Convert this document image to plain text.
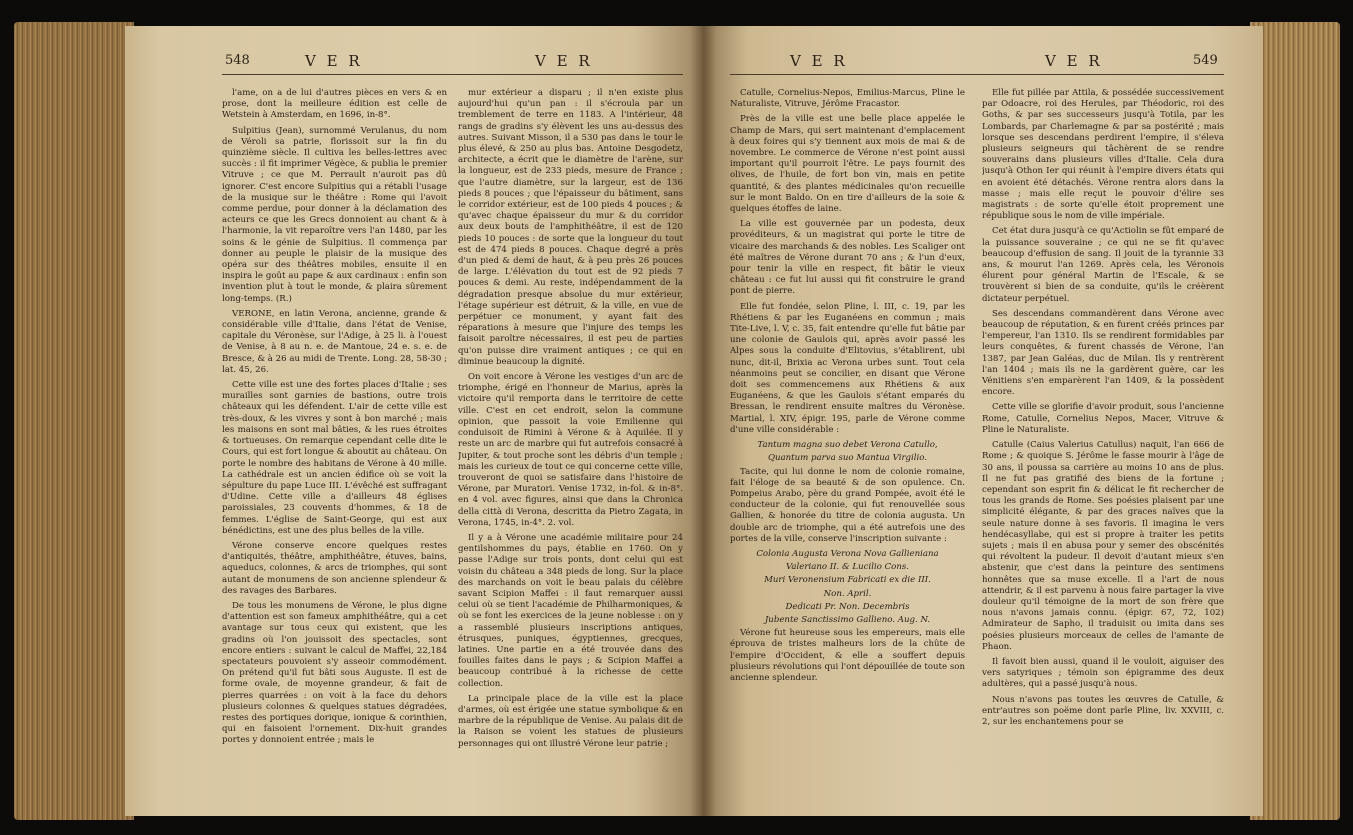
548	V E R	V E R	V E R	V E R	549

l'ame, on a de lui d'autres pièces en vers & en prose, dont la meilleure édition est celle de Wetstein à Amsterdam, en 1696, in-8°.

Sulpitius (Jean), surnommé Verulanus, du nom de Véroli sa patrie, florissoit sur la fin du quinzième siècle. Il cultiva les belles-lettres avec succès : il fit imprimer Végèce, & publia le premier Vitruve ; ce que M. Perrault n'auroit pas dû ignorer. C'est encore Sulpitius qui a rétabli l'usage de la musique sur le théâtre : Rome qui l'avoit comme perdue, pour donner à la déclamation des acteurs ce que les Grecs donnoient au chant & à l'harmonie, la vit reparoître vers l'an 1480, par les soins & le génie de Sulpitius. Il commença par donner au peuple le plaisir de la musique des opéra sur des théâtres mobiles, ensuite il en inspira le goût au pape & aux cardinaux : enfin son invention plut à tout le monde, & plaira sûrement long-temps. (R.)

VERONE, en latin Verona, ancienne, grande & considérable ville d'Italie, dans l'état de Venise, capitale du Véronèse, sur l'Adige, à 25 li. à l'ouest de Venise, à 8 au n. e. de Mantoue, 24 e. s. e. de Bresce, & à 26 au midi de Trente. Long. 28, 58-30 ; lat. 45, 26.

Cette ville est une des fortes places d'Italie ; ses murailles sont garnies de bastions, outre trois châteaux qui les défendent. L'air de cette ville est très-doux, & les vivres y sont à bon marché ; mais les maisons en sont mal bâties, & les rues étroites & tortueuses. On remarque cependant celle dite le Cours, qui est fort longue & aboutit au château. On porte le nombre des habitans de Vérone à 40 mille. La cathédrale est un ancien édifice où se voit la sépulture du pape Luce III. L'évêché est suffragant d'Udine. Cette ville a d'ailleurs 48 églises paroissiales, 23 couvents d'hommes, & 18 de femmes. L'église de Saint-George, qui est aux bénédictins, est une des plus belles de la ville.

Vérone conserve encore quelques restes d'antiquités, théâtre, amphithéâtre, étuves, bains, aqueducs, colonnes, & arcs de triomphes, qui sont autant de monumens de son ancienne splendeur & des ravages des Barbares.

De tous les monumens de Vérone, le plus digne d'attention est son fameux amphithéâtre, qui a cet avantage sur tous ceux qui existent, que les gradins où l'on jouissoit des spectacles, sont encore entiers : suivant le calcul de Maffei, 22,184 spectateurs pouvoient s'y asseoir commodément. On prétend qu'il fut bâti sous Auguste. Il est de forme ovale, de moyenne grandeur, & fait de pierres quarrées : on voit à la face du dehors plusieurs colonnes & quelques statues dégradées, restes des portiques dorique, ionique & corinthien, qui en faisoient l'ornement. Dix-huit grandes portes y donnoient entrée ; mais le

mur extérieur a disparu ; il n'en existe plus aujourd'hui qu'un pan : il s'écroula par un tremblement de terre en 1183. A l'intérieur, 48 rangs de gradins s'y élèvent les uns au-dessus des autres. Suivant Misson, il a 530 pas dans le tour le plus élevé, & 250 au plus bas. Antoine Desgodetz, architecte, a écrit que le diamètre de l'arène, sur la longueur, est de 233 pieds, mesure de France ; que l'autre diamètre, sur la largeur, est de 136 pieds 8 pouces ; que l'épaisseur du bâtiment, sans le corridor extérieur, est de 100 pieds 4 pouces ; & qu'avec chaque épaisseur du mur & du corridor aux deux bouts de l'amphithéâtre, il est de 120 pieds 10 pouces : de sorte que la longueur du tout est de 474 pieds 8 pouces. Chaque degré a près d'un pied & demi de haut, & à peu près 26 pouces de large. L'élévation du tout est de 92 pieds 7 pouces & demi. Au reste, indépendamment de la dégradation presque absolue du mur extérieur, l'étage supérieur est détruit, & la ville, en vue de perpétuer ce monument, y ayant fait des réparations à mesure que l'injure des temps les faisoit paroître nécessaires, il est peu de parties qu'on puisse dire vraiment antiques ; ce qui en diminue beaucoup la dignité.

On voit encore à Vérone les vestiges d'un arc de triomphe, érigé en l'honneur de Marius, après la victoire qu'il remporta dans le territoire de cette ville. C'est en cet endroit, selon la commune opinion, que passoit la voie Emilienne qui conduisoit de Rimini à Vérone & à Aquilée. Il y reste un arc de marbre qui fut autrefois consacré à Jupiter, & tout proche sont les débris d'un temple ; mais les curieux de tout ce qui concerne cette ville, trouveront de quoi se satisfaire dans l'histoire de Vérone, par Muratori. Venise 1732, in-fol. & in-8°. en 4 vol. avec figures, ainsi que dans la Chronica della città di Verona, descritta da Pietro Zagata, in Verona, 1745, in-4°. 2. vol.

Il y a à Vérone une académie militaire pour 24 gentilshommes du pays, établie en 1760. On y passe l'Adige sur trois ponts, dont celui qui est voisin du château a 348 pieds de long. Sur la place des marchands on voit le beau palais du célèbre savant Scipion Maffei : il faut remarquer aussi celui où se tient l'académie de Philharmoniques, & où se font les exercices de la jeune noblesse : on y a rassemblé plusieurs inscriptions antiques, étrusques, puniques, égyptiennes, grecques, latines. Une partie en a été trouvée dans des fouilles faites dans le pays ; & Scipion Maffei a beaucoup contribué à la richesse de cette collection.

La principale place de la ville est la place d'armes, où est érigée une statue symbolique & en marbre de la république de Venise. Au palais dit de la Raison se voient les statues de plusieurs personnages qui ont illustré Vérone leur patrie ;

Catulle, Cornelius-Nepos, Emilius-Marcus, Pline le Naturaliste, Vitruve, Jérôme Fracastor.

Près de la ville est une belle place appelée le Champ de Mars, qui sert maintenant d'emplacement à deux foires qui s'y tiennent aux mois de mai & de novembre. Le commerce de Vérone n'est point aussi important qu'il pourroit l'être. Le pays fournit des olives, de l'huile, de fort bon vin, mais en petite quantité, & des plantes médicinales qu'on recueille sur le mont Baldo. On en tire d'ailleurs de la soie & quelques étoffes de laine.

La ville est gouvernée par un podesta, deux provéditeurs, & un magistrat qui porte le titre de vicaire des marchands & des nobles. Les Scaliger ont été maîtres de Vérone durant 70 ans ; & l'un d'eux, pour tenir la ville en respect, fit bâtir le vieux château : ce fut lui aussi qui fit construire le grand pont de pierre.

Elle fut fondée, selon Pline, l. III, c. 19, par les Rhétiens & par les Euganéens en commun ; mais Tite-Live, l. V, c. 35, fait entendre qu'elle fut bâtie par une colonie de Gaulois qui, après avoir passé les Alpes sous la conduite d'Elitovius, s'établirent, ubi nunc, dit-il, Brixia ac Verona urbes sunt. Tout cela néanmoins peut se concilier, en disant que Vérone doit ses commencemens aux Rhétiens & aux Euganéens, & que les Gaulois s'étant emparés du Bressan, le rendirent ensuite maîtres du Véronèse. Martial, l. XIV, épigr. 195, parle de Vérone comme d'une ville considérable :

Tantum magna suo debet Verona Catullo,

Quantum parva suo Mantua Virgilio.

Tacite, qui lui donne le nom de colonie romaine, fait l'éloge de sa beauté & de son opulence. Cn. Pompeius Arabo, père du grand Pompée, avoit été le conducteur de la colonie, qui fut renouvellée sous Gallien, & honorée du titre de colonia augusta. Un double arc de triomphe, qui a été autrefois une des portes de la ville, conserve l'inscription suivante :

Colonia Augusta Verona Nova Gallieniana

Valeriano II. & Lucilio Cons.

Muri Veronensium Fabricati ex die III.

Non. April.

Dedicati Pr. Non. Decembris

Jubente Sanctissimo Gallieno. Aug. N.

Vérone fut heureuse sous les empereurs, mais elle éprouva de tristes malheurs lors de la chûte de l'empire d'Occident, & elle a souffert depuis plusieurs révolutions qui l'ont dépouillée de toute son ancienne splendeur.

Elle fut pillée par Attila, & possédée successivement par Odoacre, roi des Herules, par Théodoric, roi des Goths, & par ses successeurs jusqu'à Totila, par les Lombards, par Charlemagne & par sa postérité ; mais lorsque ses descendans perdirent l'empire, il s'éleva plusieurs seigneurs qui tâchèrent de se rendre souverains dans plusieurs villes d'Italie. Cela dura jusqu'à Othon Ier qui réunit à l'empire divers états qui en avoient été détachés. Vérone rentra alors dans la masse ; mais elle reçut le pouvoir d'élire ses magistrats : de sorte qu'elle étoit proprement une république sous le nom de ville impériale.

Cet état dura jusqu'à ce qu'Actiolin se fût emparé de la puissance souveraine ; ce qui ne se fit qu'avec beaucoup d'effusion de sang. Il jouit de la tyrannie 33 ans, & mourut l'an 1269. Après cela, les Véronois élurent pour général Martin de l'Escale, & se trouvèrent si bien de sa conduite, qu'ils le créèrent dictateur perpétuel.

Ses descendans commandèrent dans Vérone avec beaucoup de réputation, & en furent créés princes par l'empereur, l'an 1310. Ils se rendirent formidables par leurs conquêtes, & furent chassés de Vérone, l'an 1387, par Jean Galéas, duc de Milan. Ils y rentrèrent l'an 1404 ; mais ils ne la gardèrent guère, car les Vénitiens s'en emparèrent l'an 1409, & la possèdent encore.

Cette ville se glorifie d'avoir produit, sous l'ancienne Rome, Catulle, Cornelius Nepos, Macer, Vitruve & Pline le Naturaliste.

Catulle (Caius Valerius Catullus) naquit, l'an 666 de Rome ; & quoique S. Jérôme le fasse mourir à l'âge de 30 ans, il poussa sa carrière au moins 10 ans de plus. Il ne fut pas gratifié des biens de la fortune ; cependant son esprit fin & délicat le fit rechercher de tous les grands de Rome. Ses poésies plaisent par une simplicité élégante, & par des graces naïves que la seule nature donne à ses favoris. Il imagina le vers hendécasyllabe, qui est si propre à traiter les petits sujets ; mais il en abusa pour y semer des obscénités qui révoltent la pudeur. Il devoit d'autant mieux s'en abstenir, que c'est dans la peinture des sentimens honnêtes que sa muse excelle. Il a l'art de nous attendrir, & il est parvenu à nous faire partager la vive douleur qu'il témoigne de la mort de son frère que nous n'avons jamais connu. (épigr. 67, 72, 102) Admirateur de Sapho, il traduisit ou imita dans ses poésies plusieurs morceaux de celles de l'amante de Phaon.

Il favoit bien aussi, quand il le vouloit, aiguiser des vers satyriques ; témoin son épigramme des deux adultères, qui a passé jusqu'à nous.

Nous n'avons pas toutes les œuvres de Catulle, & entr'autres son poëme dont parle Pline, liv. XXVIII, c. 2, sur les enchantemens pour se
